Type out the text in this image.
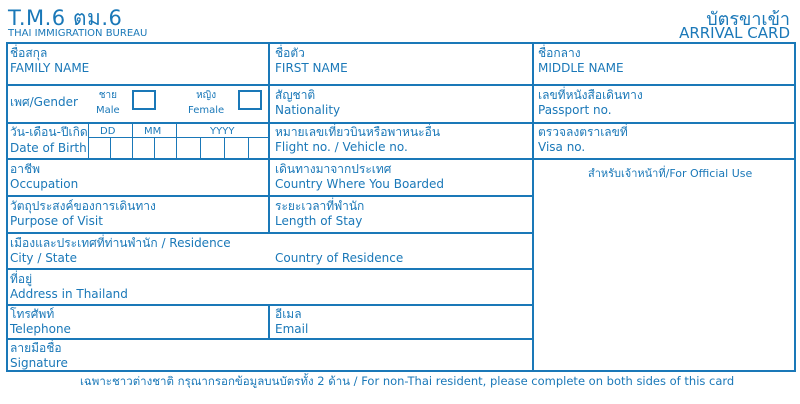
T.M.6 ตม.6
THAI IMMIGRATION BUREAU
บัตรขาเข้า
ARRIVAL CARD
ชื่อสกุล
FAMILY NAME
ชื่อตัว
FIRST NAME
ชื่อกลาง
MIDDLE NAME
เพศ/Gender ชาย
Male
หญิง
Female
สัญชาติ
Nationality
เลขที่หนังสือเดินทาง
Passport no.
วัน-เดือน-ปีเกิด
Date of Birth
DD	MM	YYYY	หมายเลขเที่ยวบินหรือพาหนะอื่น
Flight no. / Vehicle no.
ตรวจลงตราเลขที่
Visa no.
อาชีพ
Occupation
เดินทางมาจากประเทศ
Country Where You Boarded
สำหรับเจ้าหน้าที่/For Official Use
วัตถุประสงค์ของการเดินทาง
Purpose of Visit
ระยะเวลาที่พำนัก
Length of Stay
เมืองและประเทศที่ท่านพำนัก / Residence
City / State	Country of Residence
ที่อยู่
Address in Thailand
โทรศัพท์
Telephone
อีเมล
Email
ลายมือชื่อ
Signature
เฉพาะชาวต่างชาติ กรุณากรอกข้อมูลบนบัตรทั้ง 2 ด้าน / For non-Thai resident, please complete on both sides of this card
